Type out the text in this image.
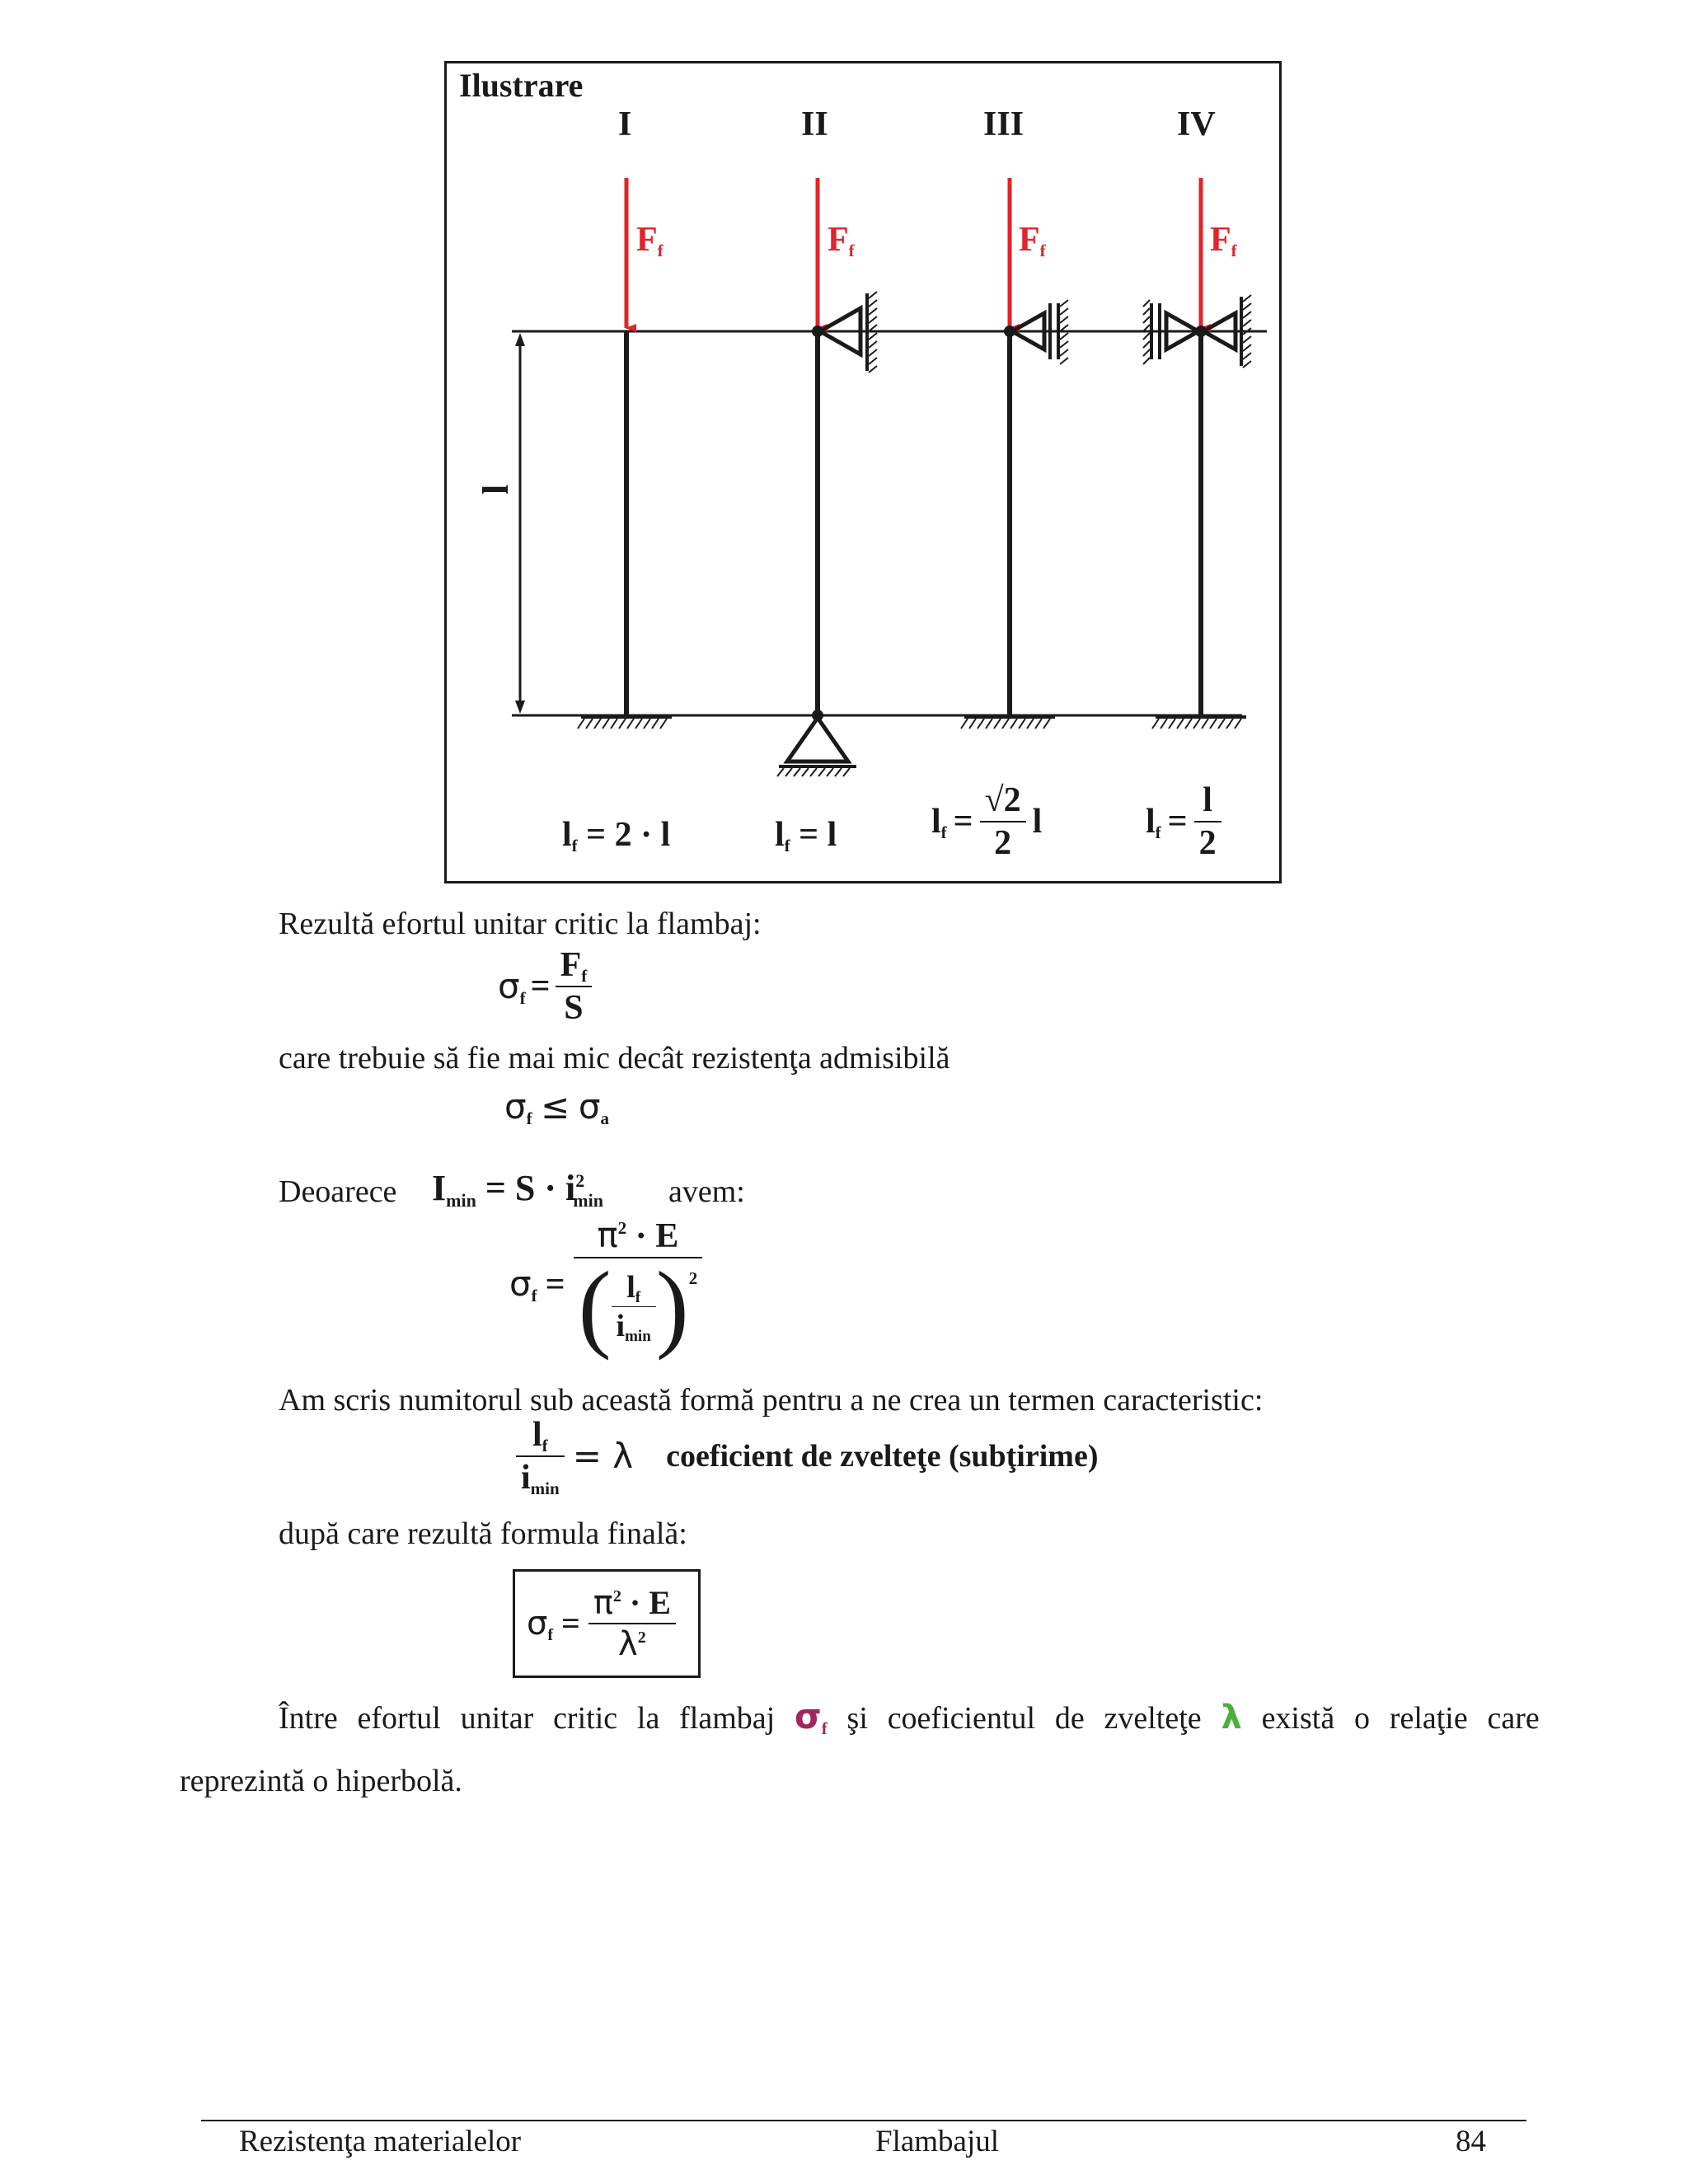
Ilustrare
I	II	III	IV
Ff	Ff	Ff	Ff
l
lf = 2 · l	lf = l	lf = $\frac{√2}{2}$ l	lf = $\frac{l}{2}$
Rezultă efortul unitar critic la flambaj:
$\sigma f = \frac{Ff}{S}$
care trebuie să fie mai mic decât rezistenţa admisibilă
σf ≤ σa
Deoarece $Imin = S \cdot i^2\min$ avem:
$\sigma f = \frac{\pi^2 \cdot E}{( \frac{lf}{imin} ) 2}$
Am scris numitorul sub această formă pentru a ne crea un termen caracteristic:
$\frac{lf}{imin} = \lambda$ coeficient de zvelteţe (subţirime)
după care rezultă formula finală:
$\sigma f = \frac{\pi^2 \cdot E}{\lambda^2}$
Între efortul unitar critic la flambaj σf şi coeficientul de zvelteţe λ există o relaţie care
reprezintă o hiperbolă.
Rezistenţa materialelor	Flambajul	84
